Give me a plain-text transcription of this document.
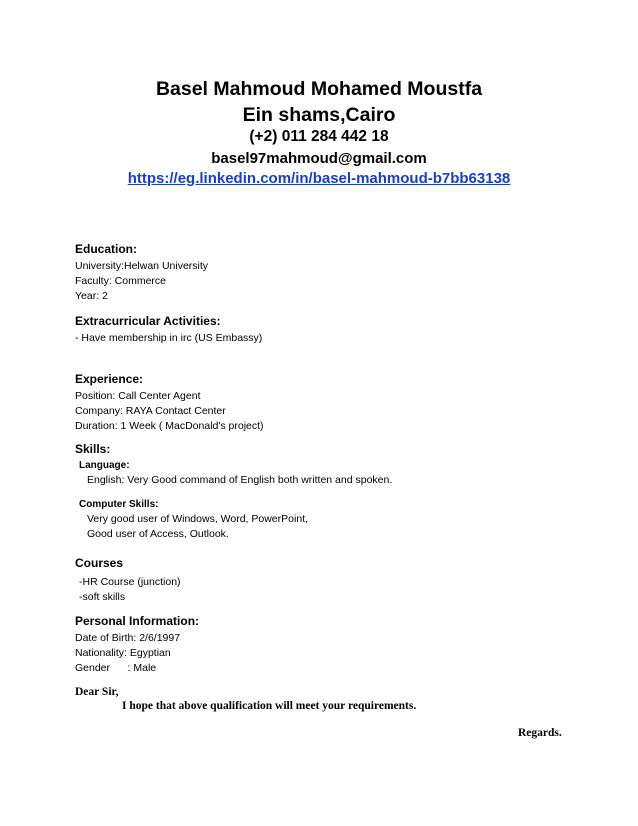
Basel Mahmoud Mohamed Moustfa
Ein shams,Cairo
(+2) 011 284 442 18
basel97mahmoud@gmail.com
https://eg.linkedin.com/in/basel-mahmoud-b7bb63138
Education:
University:Helwan University
Faculty: Commerce
Year: 2
Extracurricular Activities:
- Have membership in irc (US Embassy)
Experience:
Position: Call Center Agent
Company: RAYA Contact Center
Duration: 1 Week ( MacDonald's project)
Skills:
Language:
English: Very Good command of English both written and spoken.
Computer Skills:
Very good user of Windows, Word, PowerPoint,
Good user of Access, Outlook.
Courses
-HR Course (junction)
-soft skills
Personal Information:
Date of Birth: 2/6/1997
Nationality: Egyptian
Gender      : Male
Dear Sir,
I hope that above qualification will meet your requirements.
Regards.
